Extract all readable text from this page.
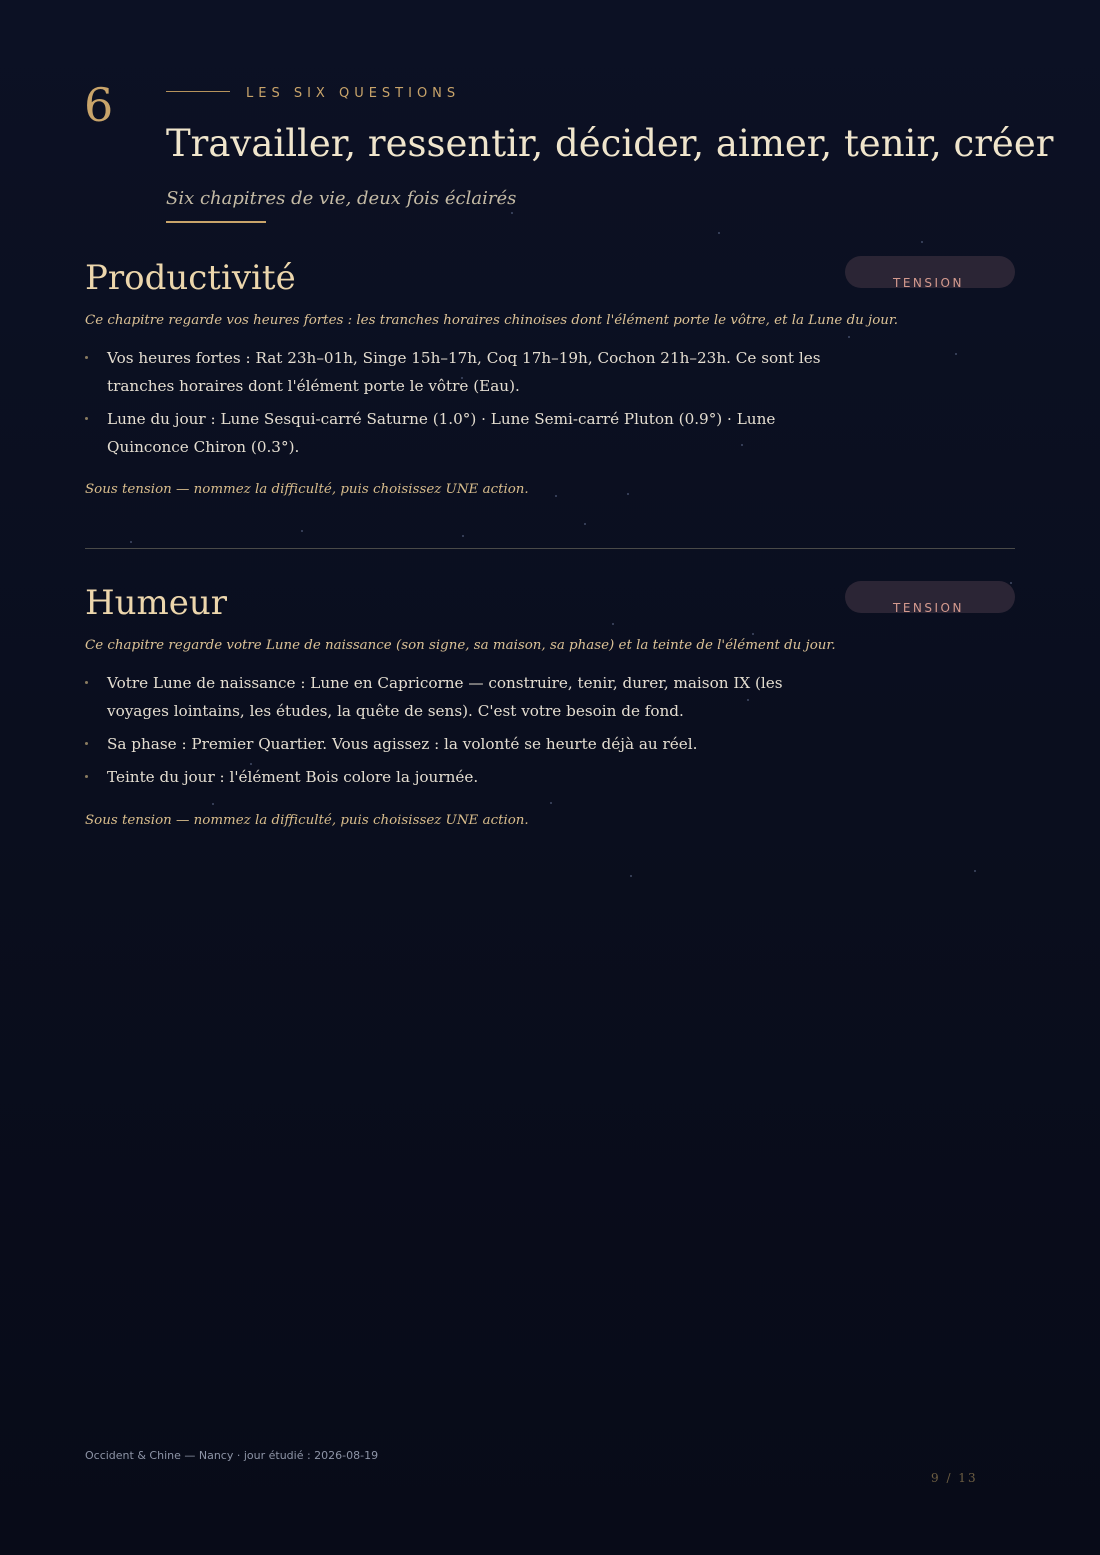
6	LES SIX QUESTIONS
Travailler, ressentir, décider, aimer, tenir, créer
Six chapitres de vie, deux fois éclairés
Productivité	TENSION
Ce chapitre regarde vos heures fortes : les tranches horaires chinoises dont l'élément porte le vôtre, et la Lune du jour.
Vos heures fortes : Rat 23h–01h, Singe 15h–17h, Coq 17h–19h, Cochon 21h–23h. Ce sont les tranches horaires dont l'élément porte le vôtre (Eau).
Lune du jour : Lune Sesqui-carré Saturne (1.0°) · Lune Semi-carré Pluton (0.9°) · Lune Quinconce Chiron (0.3°).
Sous tension — nommez la difficulté, puis choisissez UNE action.
Humeur	TENSION
Ce chapitre regarde votre Lune de naissance (son signe, sa maison, sa phase) et la teinte de l'élément du jour.
Votre Lune de naissance : Lune en Capricorne — construire, tenir, durer, maison IX (les voyages lointains, les études, la quête de sens). C'est votre besoin de fond.
Sa phase : Premier Quartier. Vous agissez : la volonté se heurte déjà au réel.
Teinte du jour : l'élément Bois colore la journée.
Sous tension — nommez la difficulté, puis choisissez UNE action.
Occident & Chine — Nancy · jour étudié : 2026-08-19
9 / 13
